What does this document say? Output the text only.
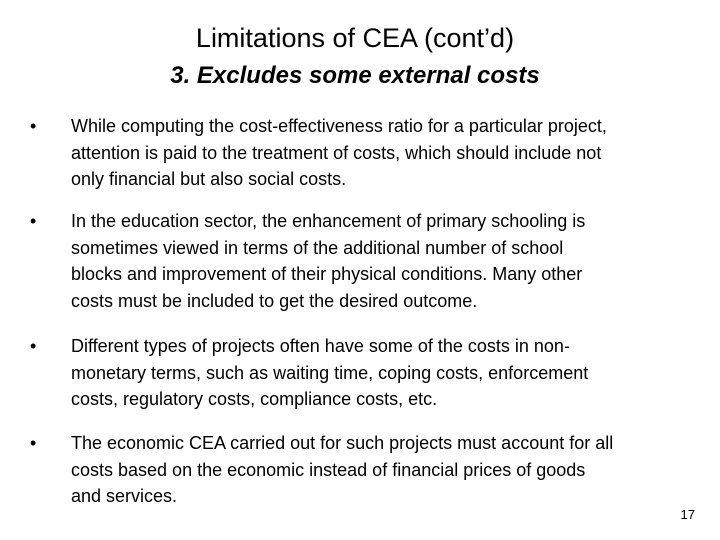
Limitations of CEA (cont’d)
3. Excludes some external costs
• While computing the cost-effectiveness ratio for a particular project,
attention is paid to the treatment of costs, which should include not
only financial but also social costs.
• In the education sector, the enhancement of primary schooling is
sometimes viewed in terms of the additional number of school
blocks and improvement of their physical conditions. Many other
costs must be included to get the desired outcome.
• Different types of projects often have some of the costs in non-
monetary terms, such as waiting time, coping costs, enforcement
costs, regulatory costs, compliance costs, etc.
• The economic CEA carried out for such projects must account for all
costs based on the economic instead of financial prices of goods
and services.
17
